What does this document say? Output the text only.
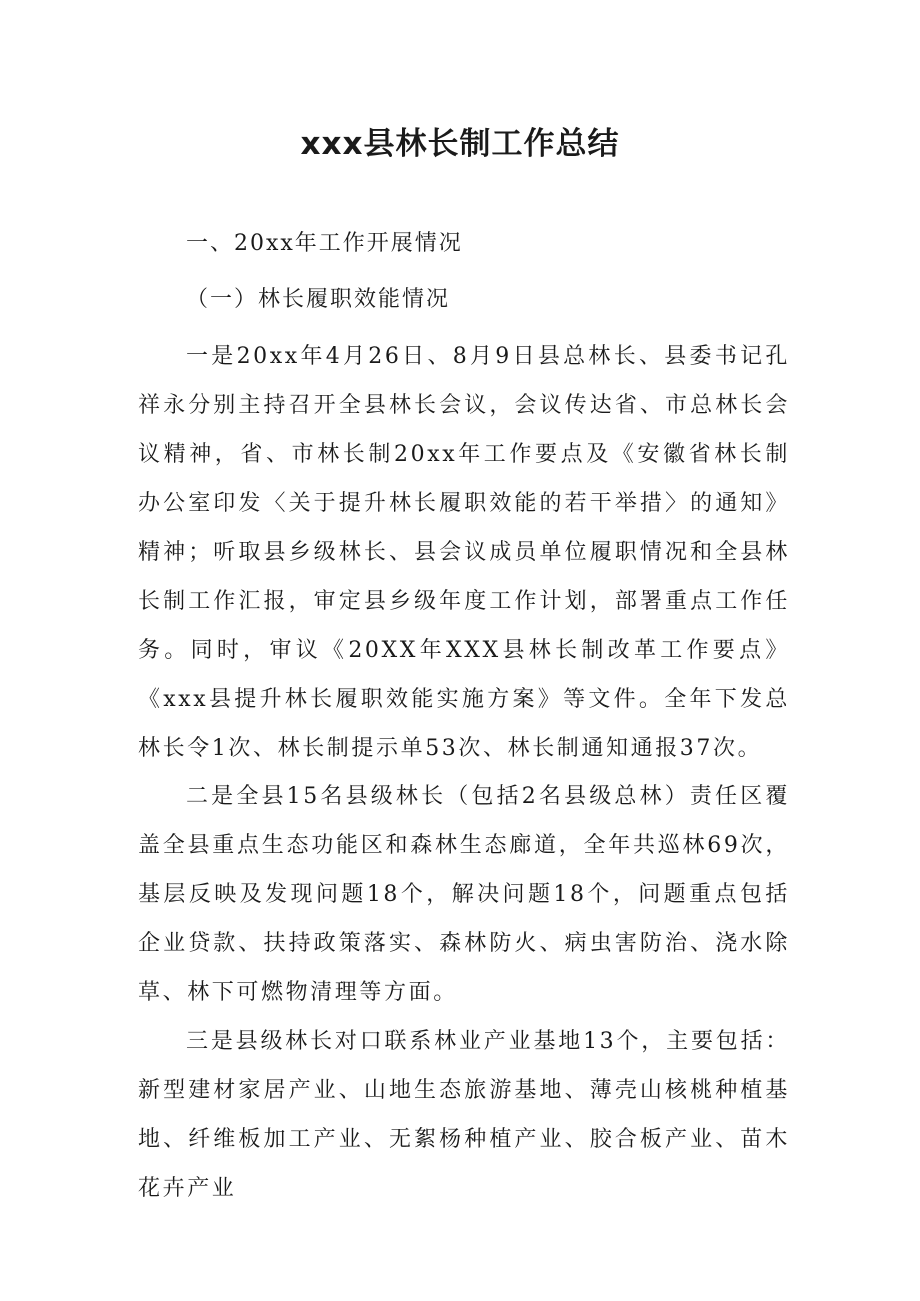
xxx县林长制工作总结
一、20xx年工作开展情况
（一）林长履职效能情况

一是20xx年4月26日、8月9日县总林长、县委书记孔祥永分别主持召开全县林长会议，会议传达省、市总林长会议精神，省、市林长制20xx年工作要点及《安徽省林长制办公室印发〈关于提升林长履职效能的若干举措〉的通知》精神；听取县乡级林长、县会议成员单位履职情况和全县林长制工作汇报，审定县乡级年度工作计划，部署重点工作任务。同时，审议《20XX年XXX县林长制改革工作要点》《xxx县提升林长履职效能实施方案》等文件。全年下发总林长令1次、林长制提示单53次、林长制通知通报37次。

二是全县15名县级林长（包括2名县级总林）责任区覆盖全县重点生态功能区和森林生态廊道，全年共巡林69次，基层反映及发现问题18个，解决问题18个，问题重点包括企业贷款、扶持政策落实、森林防火、病虫害防治、浇水除草、林下可燃物清理等方面。

三是县级林长对口联系林业产业基地13个，主要包括：新型建材家居产业、山地生态旅游基地、薄壳山核桃种植基地、纤维板加工产业、无絮杨种植产业、胶合板产业、苗木花卉产业
